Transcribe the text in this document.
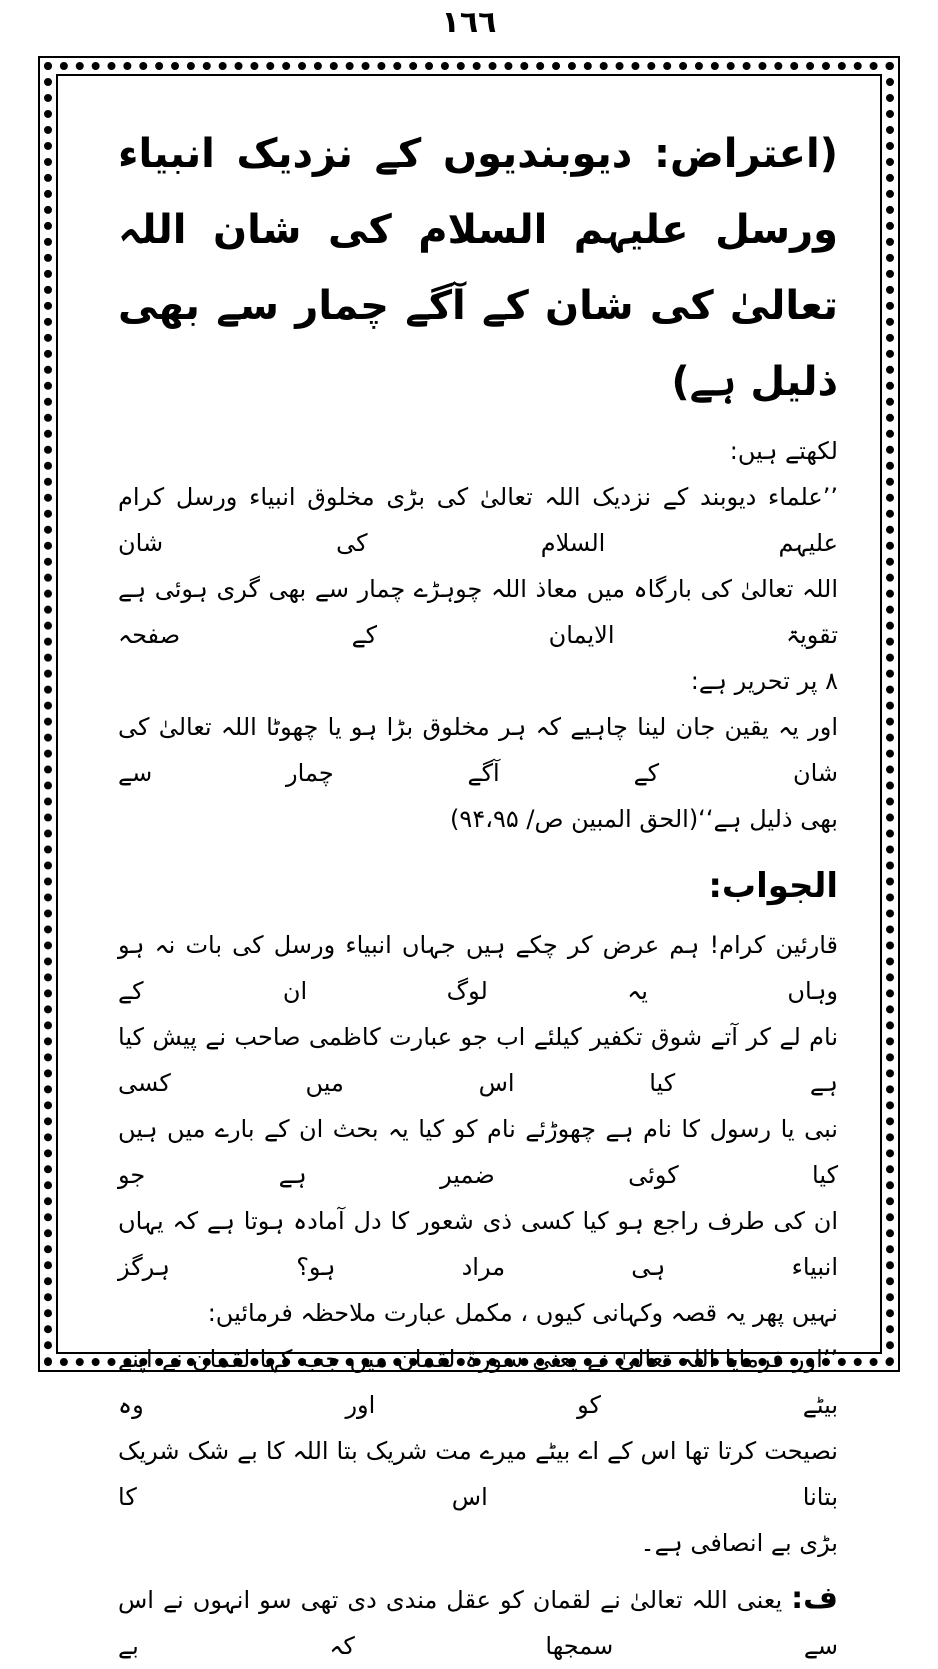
١٦٦
(اعتراض: دیوبندیوں کے نزدیک انبیاء ورسل علیہم السلام کی شان اللہ تعالیٰ کی شان کے آگے چمار سے بھی ذلیل ہے)

لکھتے ہیں:

’’علماء دیوبند کے نزدیک اللہ تعالیٰ کی بڑی مخلوق انبیاء ورسل کرام علیہم السلام کی شان

اللہ تعالیٰ کی بارگاہ میں معاذ اللہ چوہڑے چمار سے بھی گری ہوئی ہے تقویۃ الایمان کے صفحہ

۸ پر تحریر ہے:

اور یہ یقین جان لینا چاہیے کہ ہر مخلوق بڑا ہو یا چھوٹا اللہ تعالیٰ کی شان کے آگے چمار سے

بھی ذلیل ہے‘‘(الحق المبین ص/ ۹۴،۹۵)

الجواب:

قارئین کرام! ہم عرض کر چکے ہیں جہاں انبیاء ورسل کی بات نہ ہو وہاں یہ لوگ ان کے

نام لے کر آتے شوق تکفیر کیلئے اب جو عبارت کاظمی صاحب نے پیش کیا ہے کیا اس میں کسی

نبی یا رسول کا نام ہے چھوڑئے نام کو کیا یہ بحث ان کے بارے میں ہیں کیا کوئی ضمیر ہے جو

ان کی طرف راجع ہو کیا کسی ذی شعور کا دل آمادہ ہوتا ہے کہ یہاں انبیاء ہی مراد ہو؟ ہرگز

نہیں پھر یہ قصہ وکہانی کیوں ، مکمل عبارت ملاحظہ فرمائیں:

’’اور فرمایا اللہ تعالیٰ نے یعنی سورۃ لقمان میں جب کہا لقمان نے اپنے بیٹے کو اور وہ

نصیحت کرتا تھا اس کے اے بیٹے میرے مت شریک بتا اللہ کا بے شک شریک بتانا اس کا

بڑی بے انصافی ہے۔

ف: یعنی اللہ تعالیٰ نے لقمان کو عقل مندی دی تھی سو انہوں نے اس سے سمجھا کہ بے
